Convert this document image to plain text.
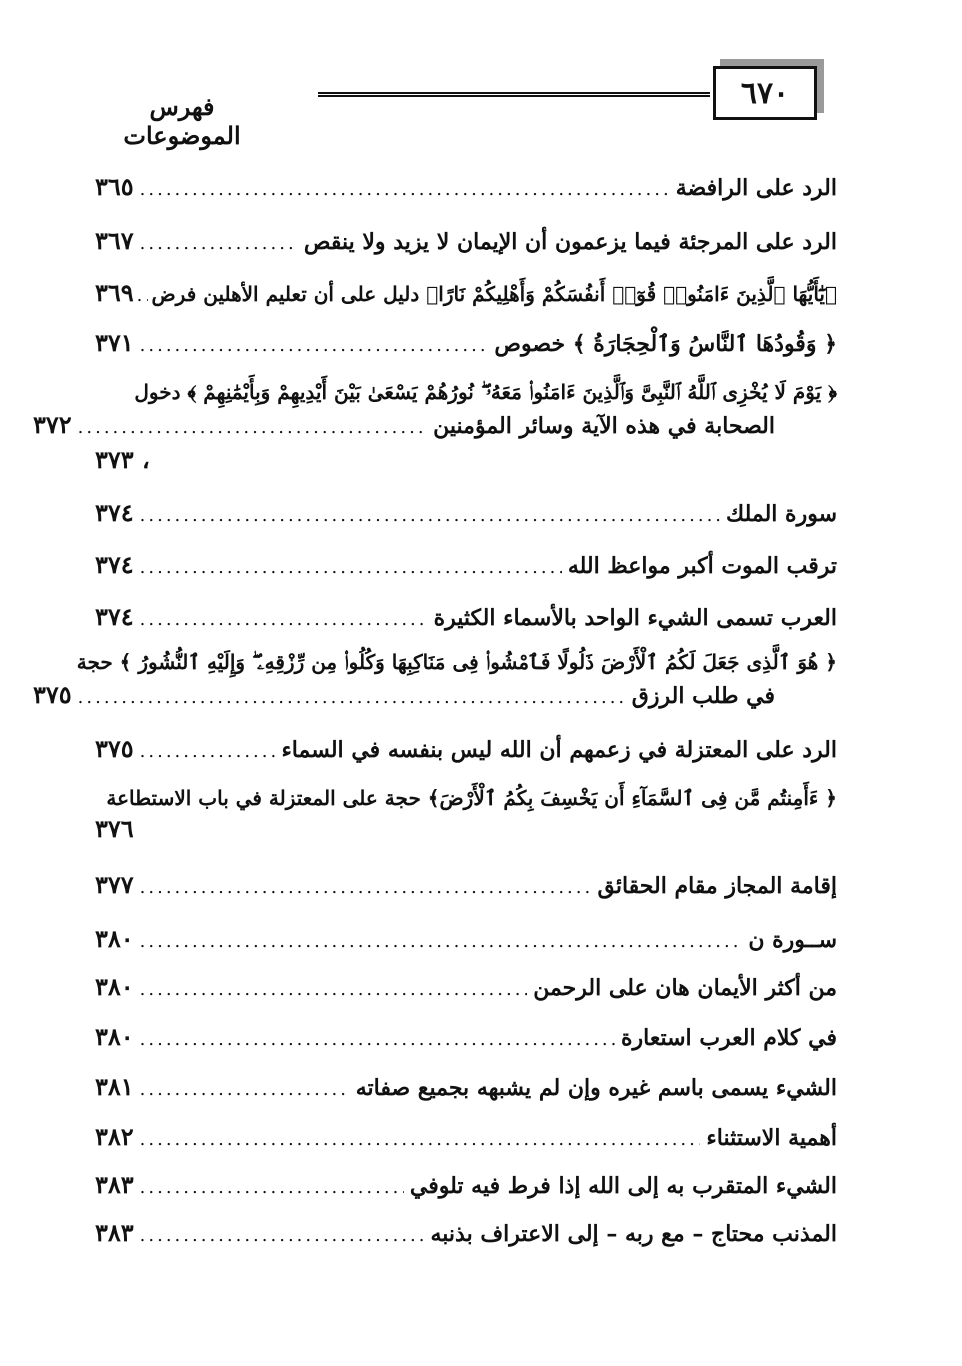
٦٧٠
فهرس الموضوعات
الرد على الرافضة
.....
٣٦٥
الرد على المرجئة فيما يزعمون أن الإيمان لا يزيد ولا ينقص
.....
٣٦٧
﴿يَٰٓأَيُّهَا ٱلَّذِينَ ءَامَنُوا۟ قُوٓا۟ أَنفُسَكُمْ وَأَهْلِيكُمْ نَارًا﴾ دليل على أن تعليم الأهلين فرض
.....
٣٦٩
﴿ وَقُودُهَا ٱلنَّاسُ وَٱلْحِجَارَةُ ﴾ خصوص
.....
٣٧١
﴿ يَوْمَ لَا يُخْزِى ٱللَّهُ ٱلنَّبِىَّ وَٱلَّذِينَ ءَامَنُوا۟ مَعَهُۥ ۖ نُورُهُمْ يَسْعَىٰ بَيْنَ أَيْدِيهِمْ وَبِأَيْمَٰنِهِمْ ﴾ دخول
الصحابة في هذه الآية وسائر المؤمنين
.....
٣٧٢
، ٣٧٣
سورة الملك
.....
٣٧٤
ترقب الموت أكبر مواعظ الله
.....
٣٧٤
العرب تسمى الشيء الواحد بالأسماء الكثيرة
.....
٣٧٤
﴿ هُوَ ٱلَّذِى جَعَلَ لَكُمُ ٱلْأَرْضَ ذَلُولًا فَٱمْشُوا۟ فِى مَنَاكِبِهَا وَكُلُوا۟ مِن رِّزْقِهِۦ ۖ وَإِلَيْهِ ٱلنُّشُورُ ﴾ حجة
في طلب الرزق
.....
٣٧٥
الرد على المعتزلة في زعمهم أن الله ليس بنفسه في السماء
.....
٣٧٥
﴿ ءَأَمِنتُم مَّن فِى ٱلسَّمَآءِ أَن يَخْسِفَ بِكُمُ ٱلْأَرْضَ﴾ حجة على المعتزلة في باب الاستطاعة
٣٧٦
إقامة المجاز مقام الحقائق
.....
٣٧٧
ســورة ن
.....
٣٨٠
من أكثر الأيمان هان على الرحمن
.....
٣٨٠
في كلام العرب استعارة
.....
٣٨٠
الشيء يسمى باسم غيره وإن لم يشبهه بجميع صفاته
.....
٣٨١
أهمية الاستثناء
.....
٣٨٢
الشيء المتقرب به إلى الله إذا فرط فيه تلوفي
.....
٣٨٣
المذنب محتاج – مع ربه – إلى الاعتراف بذنبه
.....
٣٨٣
